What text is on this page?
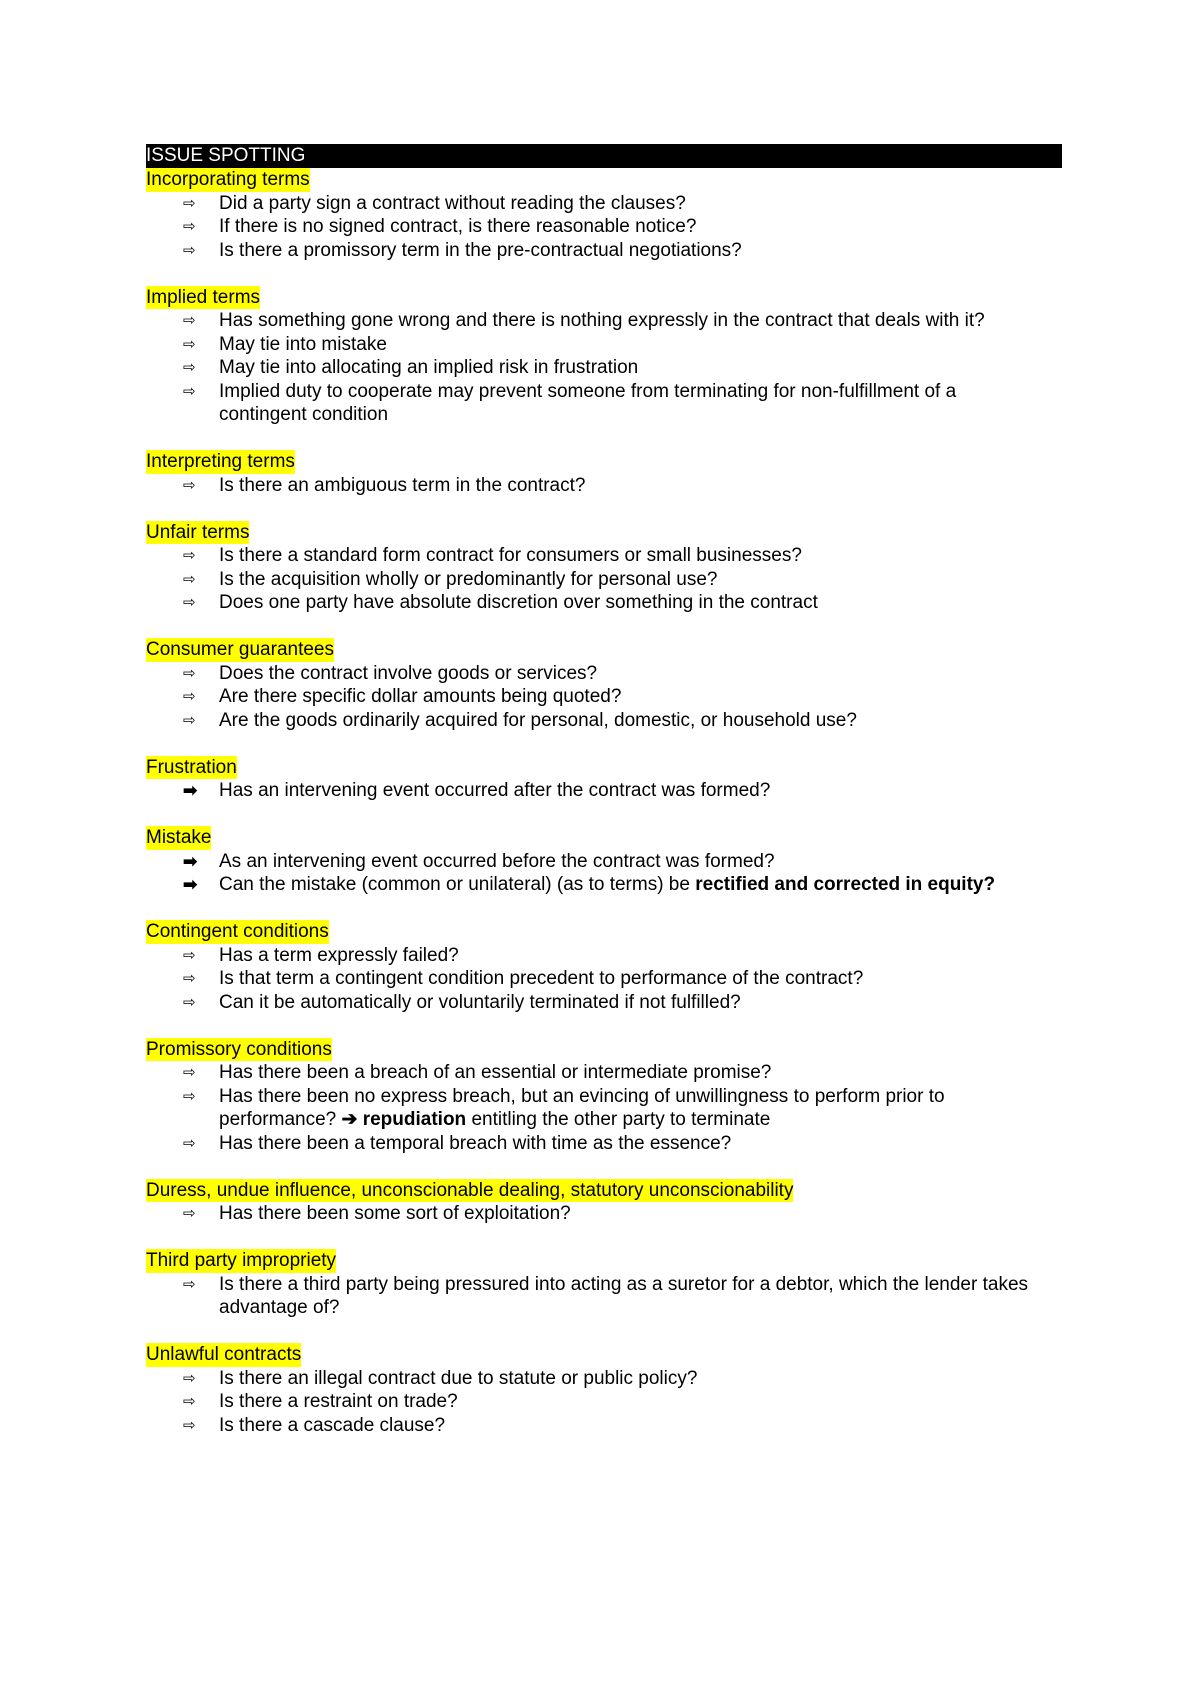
ISSUE SPOTTING
Incorporating terms
⇨ Did a party sign a contract without reading the clauses?
⇨ If there is no signed contract, is there reasonable notice?
⇨ Is there a promissory term in the pre-contractual negotiations?
Implied terms
⇨ Has something gone wrong and there is nothing expressly in the contract that deals with it?
⇨ May tie into mistake
⇨ May tie into allocating an implied risk in frustration
⇨ Implied duty to cooperate may prevent someone from terminating for non-fulfillment of a contingent condition
Interpreting terms
⇨ Is there an ambiguous term in the contract?
Unfair terms
⇨ Is there a standard form contract for consumers or small businesses?
⇨ Is the acquisition wholly or predominantly for personal use?
⇨ Does one party have absolute discretion over something in the contract
Consumer guarantees
⇨ Does the contract involve goods or services?
⇨ Are there specific dollar amounts being quoted?
⇨ Are the goods ordinarily acquired for personal, domestic, or household use?
Frustration
➡ Has an intervening event occurred after the contract was formed?
Mistake
➡ As an intervening event occurred before the contract was formed?
➡ Can the mistake (common or unilateral) (as to terms) be rectified and corrected in equity?
Contingent conditions
⇨ Has a term expressly failed?
⇨ Is that term a contingent condition precedent to performance of the contract?
⇨ Can it be automatically or voluntarily terminated if not fulfilled?
Promissory conditions
⇨ Has there been a breach of an essential or intermediate promise?
⇨ Has there been no express breach, but an evincing of unwillingness to perform prior to performance? ➔ repudiation entitling the other party to terminate
⇨ Has there been a temporal breach with time as the essence?
Duress, undue influence, unconscionable dealing, statutory unconscionability
⇨ Has there been some sort of exploitation?
Third party impropriety
⇨ Is there a third party being pressured into acting as a suretor for a debtor, which the lender takes advantage of?
Unlawful contracts
⇨ Is there an illegal contract due to statute or public policy?
⇨ Is there a restraint on trade?
⇨ Is there a cascade clause?
